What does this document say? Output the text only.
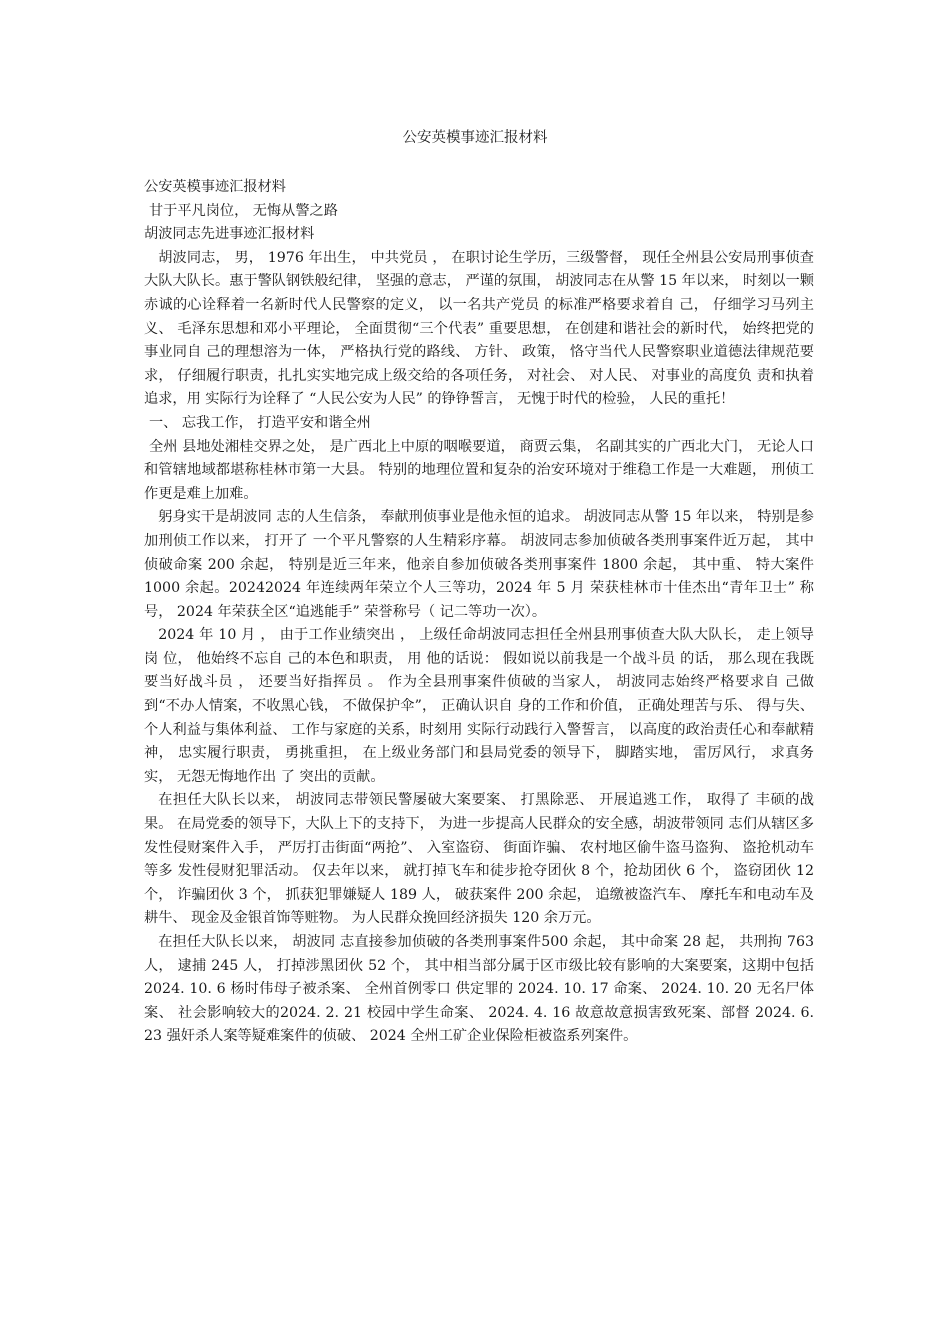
公安英模事迹汇报材料
公安英模事迹汇报材料
甘于平凡岗位， 无悔从警之路
胡波同志先进事迹汇报材料

胡波同志， 男， 1976 年出生， 中共党员 ， 在职讨论生学历，三级警督， 现任全州县公安局刑事侦查大队大队长。惠于警队钢铁般纪律， 坚强的意志， 严谨的氛围， 胡波同志在从警 15 年以来， 时刻以一颗赤诚的心诠释着一名新时代人民警察的定义， 以一名共产党员 的标准严格要求着自 己， 仔细学习马列主义、 毛泽东思想和邓小平理论， 全面贯彻“三个代表” 重要思想， 在创建和谐社会的新时代， 始终把党的事业同自 己的理想溶为一体， 严格执行党的路线、 方针、 政策， 恪守当代人民警察职业道德法律规范要求， 仔细履行职责，扎扎实实地完成上级交给的各项任务， 对社会、 对人民、 对事业的高度负 责和执着追求，用 实际行为诠释了 “人民公安为人民” 的铮铮誓言， 无愧于时代的检验， 人民的重托！

一、 忘我工作， 打造平安和谐全州

全州 县地处湘桂交界之处， 是广西北上中原的咽喉要道， 商贾云集， 名副其实的广西北大门， 无论人口 和管辖地域都堪称桂林市第一大县。 特别的地理位置和复杂的治安环境对于维稳工作是一大难题， 刑侦工作更是难上加难。

躬身实干是胡波同 志的人生信条， 奉献刑侦事业是他永恒的追求。 胡波同志从警 15 年以来， 特别是参加刑侦工作以来， 打开了 一个平凡警察的人生精彩序幕。 胡波同志参加侦破各类刑事案件近万起， 其中侦破命案 200 余起， 特别是近三年来，他亲自参加侦破各类刑事案件 1800 余起， 其中重、 特大案件 1000 余起。20242024 年连续两年荣立个人三等功，2024 年 5 月 荣获桂林市十佳杰出“青年卫士” 称号， 2024 年荣获全区“追逃能手” 荣誉称号（ 记二等功一次）。

2024 年 10 月 ， 由于工作业绩突出 ， 上级任命胡波同志担任全州县刑事侦查大队大队长， 走上领导岗 位， 他始终不忘自 己的本色和职责， 用 他的话说： 假如说以前我是一个战斗员 的话， 那么现在我既要当好战斗员 ， 还要当好指挥员 。 作为全县刑事案件侦破的当家人， 胡波同志始终严格要求自 己做到“不办人情案，不收黑心钱， 不做保护伞”， 正确认识自 身的工作和价值， 正确处理苦与乐、 得与失、 个人利益与集体利益、 工作与家庭的关系，时刻用 实际行动践行入警誓言， 以高度的政治责任心和奉献精神， 忠实履行职责， 勇挑重担， 在上级业务部门和县局党委的领导下， 脚踏实地， 雷厉风行， 求真务实， 无怨无悔地作出 了 突出的贡献。

在担任大队长以来， 胡波同志带领民警屡破大案要案、 打黑除恶、 开展追逃工作， 取得了 丰硕的战果。 在局党委的领导下，大队上下的支持下， 为进一步提高人民群众的安全感，胡波带领同 志们从辖区多 发性侵财案件入手， 严厉打击街面“两抢”、 入室盗窃、 街面诈骗、 农村地区偷牛盗马盗狗、 盗抢机动车等多 发性侵财犯罪活动。 仅去年以来， 就打掉飞车和徒步抢夺团伙 8 个，抢劫团伙 6 个， 盗窃团伙 12 个， 诈骗团伙 3 个， 抓获犯罪嫌疑人 189 人， 破获案件 200 余起， 追缴被盗汽车、 摩托车和电动车及耕牛、 现金及金银首饰等赃物。 为人民群众挽回经济损失 120 余万元。

在担任大队长以来， 胡波同 志直接参加侦破的各类刑事案件500 余起， 其中命案 28 起， 共刑拘 763 人， 逮捕 245 人， 打掉涉黑团伙 52 个， 其中相当部分属于区市级比较有影响的大案要案，这期中包括 2024. 10. 6 杨时伟母子被杀案、 全州首例零口 供定罪的 2024. 10. 17 命案、 2024. 10. 20 无名尸体案、 社会影响较大的2024. 2. 21 校园中学生命案、 2024. 4. 16 故意故意损害致死案、部督 2024. 6. 23 强奸杀人案等疑难案件的侦破、 2024 全州工矿企业保险柜被盗系列案件。
